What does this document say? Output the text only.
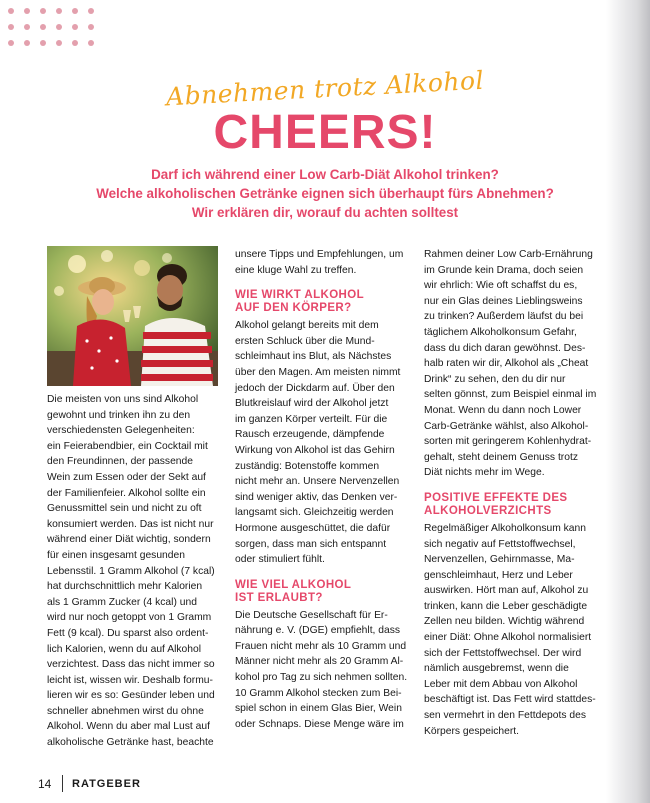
Abnehmen trotz Alkohol
CHEERS!
Darf ich während einer Low Carb-Diät Alkohol trinken?
Welche alkoholischen Getränke eignen sich überhaupt fürs Abnehmen?
Wir erklären dir, worauf du achten solltest

Die meisten von uns sind Alkohol
gewohnt und trinken ihn zu den
verschiedensten Gelegenheiten:
ein Feierabendbier, ein Cocktail mit
den Freundinnen, der passende
Wein zum Essen oder der Sekt auf
der Familienfeier. Alkohol sollte ein
Genussmittel sein und nicht zu oft
konsumiert werden. Das ist nicht nur
während einer Diät wichtig, sondern
für einen insgesamt gesunden
Lebensstil. 1 Gramm Alkohol (7 kcal)
hat durchschnittlich mehr Kalorien
als 1 Gramm Zucker (4 kcal) und
wird nur noch getoppt von 1 Gramm
Fett (9 kcal). Du sparst also ordent-
lich Kalorien, wenn du auf Alkohol
verzichtest. Dass das nicht immer so
leicht ist, wissen wir. Deshalb formu-
lieren wir es so: Gesünder leben und
schneller abnehmen wirst du ohne
Alkohol. Wenn du aber mal Lust auf
alkoholische Getränke hast, beachte

unsere Tipps und Empfehlungen, um
eine kluge Wahl zu treffen.

WIE WIRKT ALKOHOL
AUF DEN KÖRPER?

Alkohol gelangt bereits mit dem
ersten Schluck über die Mund-
schleimhaut ins Blut, als Nächstes
über den Magen. Am meisten nimmt
jedoch der Dickdarm auf. Über den
Blutkreislauf wird der Alkohol jetzt
im ganzen Körper verteilt. Für die
Rausch erzeugende, dämpfende
Wirkung von Alkohol ist das Gehirn
zuständig: Botenstoffe kommen
nicht mehr an. Unsere Nervenzellen
sind weniger aktiv, das Denken ver-
langsamt sich. Gleichzeitig werden
Hormone ausgeschüttet, die dafür
sorgen, dass man sich entspannt
oder stimuliert fühlt.

WIE VIEL ALKOHOL
IST ERLAUBT?

Die Deutsche Gesellschaft für Er-
nährung e. V. (DGE) empfiehlt, dass
Frauen nicht mehr als 10 Gramm und
Männer nicht mehr als 20 Gramm Al-
kohol pro Tag zu sich nehmen sollten.
10 Gramm Alkohol stecken zum Bei-
spiel schon in einem Glas Bier, Wein
oder Schnaps. Diese Menge wäre im

Rahmen deiner Low Carb-Ernährung
im Grunde kein Drama, doch seien
wir ehrlich: Wie oft schaffst du es,
nur ein Glas deines Lieblingsweins
zu trinken? Außerdem läufst du bei
täglichem Alkoholkonsum Gefahr,
dass du dich daran gewöhnst. Des-
halb raten wir dir, Alkohol als „Cheat
Drink“ zu sehen, den du dir nur
selten gönnst, zum Beispiel einmal im
Monat. Wenn du dann noch Lower
Carb-Getränke wählst, also Alkohol-
sorten mit geringerem Kohlenhydrat-
gehalt, steht deinem Genuss trotz
Diät nichts mehr im Wege.

POSITIVE EFFEKTE DES
ALKOHOLVERZICHTS

Regelmäßiger Alkoholkonsum kann
sich negativ auf Fettstoffwechsel,
Nervenzellen, Gehirnmasse, Ma-
genschleimhaut, Herz und Leber
auswirken. Hört man auf, Alkohol zu
trinken, kann die Leber geschädigte
Zellen neu bilden. Wichtig während
einer Diät: Ohne Alkohol normalisiert
sich der Fettstoffwechsel. Der wird
nämlich ausgebremst, wenn die
Leber mit dem Abbau von Alkohol
beschäftigt ist. Das Fett wird stattdes-
sen vermehrt in den Fettdepots des
Körpers gespeichert.

14 RATGEBER
